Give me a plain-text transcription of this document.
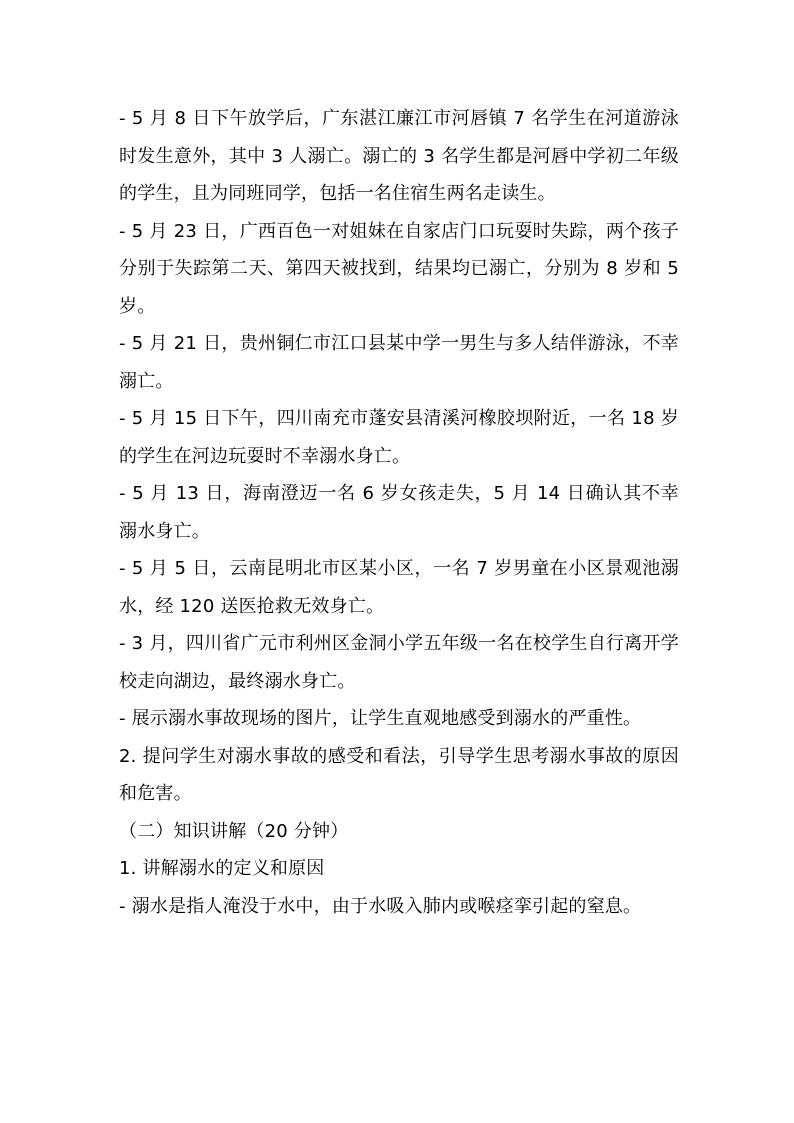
- 5 月 8 日下午放学后，广东湛江廉江市河唇镇 7 名学生在河道游泳时发生意外，其中 3 人溺亡。溺亡的 3 名学生都是河唇中学初二年级的学生，且为同班同学，包括一名住宿生两名走读生。

- 5 月 23 日，广西百色一对姐妹在自家店门口玩耍时失踪，两个孩子分别于失踪第二天、第四天被找到，结果均已溺亡，分别为 8 岁和 5 岁。

- 5 月 21 日，贵州铜仁市江口县某中学一男生与多人结伴游泳，不幸溺亡。

- 5 月 15 日下午，四川南充市蓬安县清溪河橡胶坝附近，一名 18 岁的学生在河边玩耍时不幸溺水身亡。

- 5 月 13 日，海南澄迈一名 6 岁女孩走失，5 月 14 日确认其不幸溺水身亡。

- 5 月 5 日，云南昆明北市区某小区，一名 7 岁男童在小区景观池溺水，经 120 送医抢救无效身亡。

- 3 月，四川省广元市利州区金洞小学五年级一名在校学生自行离开学校走向湖边，最终溺水身亡。

- 展示溺水事故现场的图片，让学生直观地感受到溺水的严重性。

2. 提问学生对溺水事故的感受和看法，引导学生思考溺水事故的原因和危害。

（二）知识讲解（20 分钟）

1. 讲解溺水的定义和原因

- 溺水是指人淹没于水中，由于水吸入肺内或喉痉挛引起的窒息。
